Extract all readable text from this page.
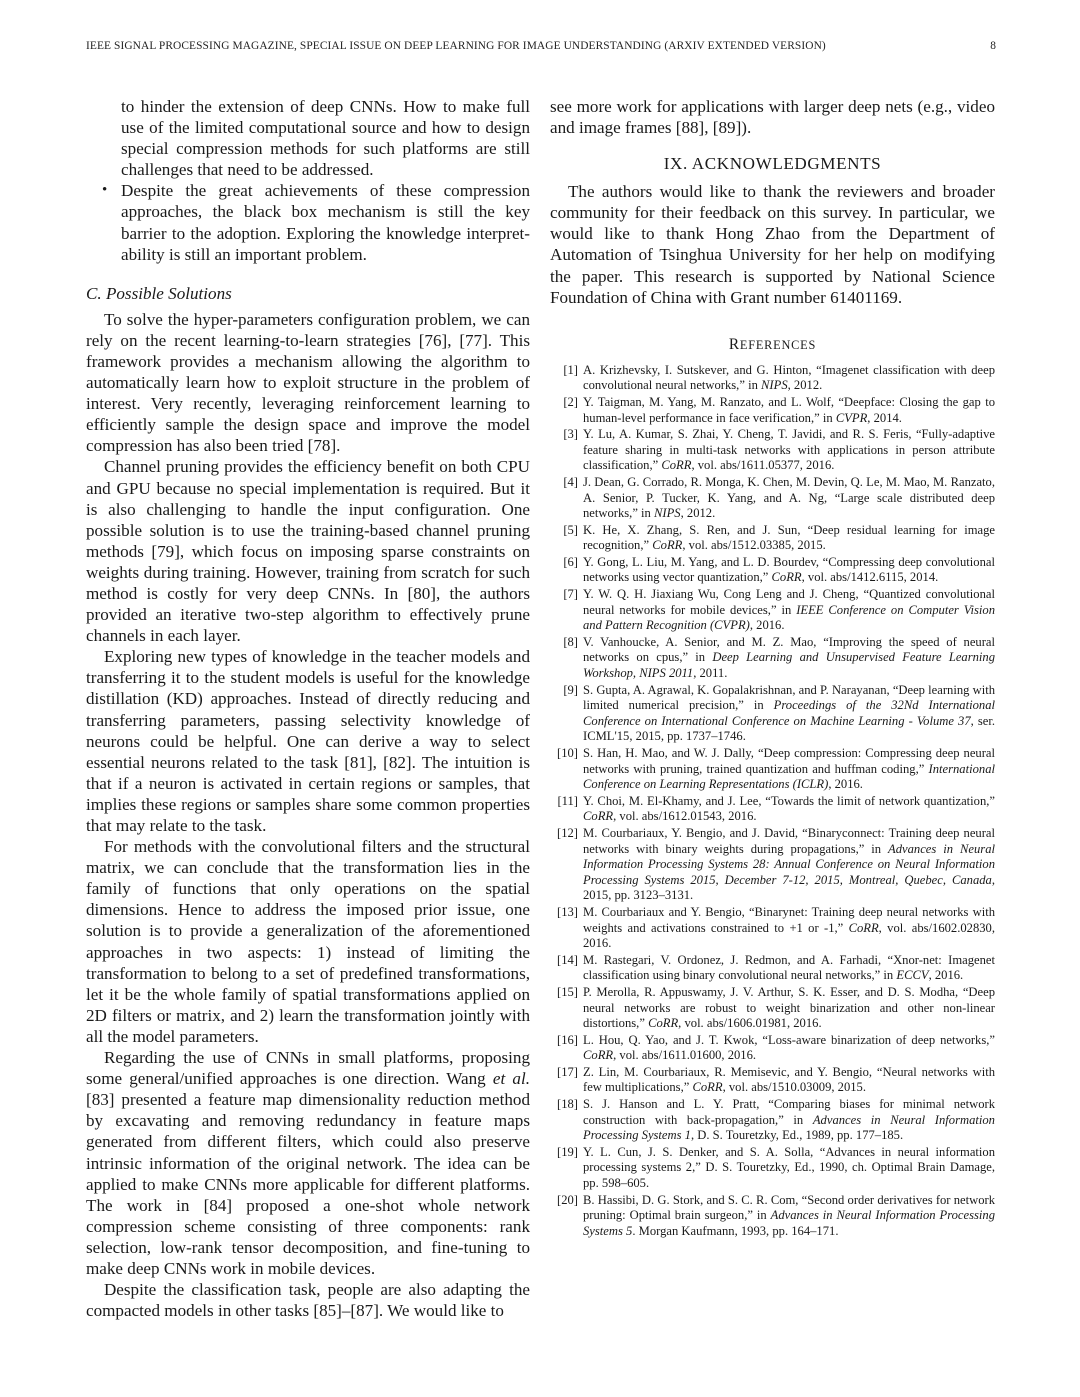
IEEE SIGNAL PROCESSING MAGAZINE, SPECIAL ISSUE ON DEEP LEARNING FOR IMAGE UNDERSTANDING (ARXIV EXTENDED VERSION)	8
to hinder the extension of deep CNNs. How to make full use of the limited computational source and how to design special compression methods for such platforms are still challenges that need to be addressed.
• Despite the great achievements of these compression approaches, the black box mechanism is still the key barrier to the adoption. Exploring the knowledge interpret-ability is still an important problem.
C. Possible Solutions

To solve the hyper-parameters configuration problem, we can rely on the recent learning-to-learn strategies [76], [77]. This framework provides a mechanism allowing the algorithm to automatically learn how to exploit structure in the problem of interest. Very recently, leveraging reinforcement learning to efficiently sample the design space and improve the model compression has also been tried [78].

Channel pruning provides the efficiency benefit on both CPU and GPU because no special implementation is required. But it is also challenging to handle the input configuration. One possible solution is to use the training-based channel pruning methods [79], which focus on imposing sparse constraints on weights during training. However, training from scratch for such method is costly for very deep CNNs. In [80], the authors provided an iterative two-step algorithm to effectively prune channels in each layer.

Exploring new types of knowledge in the teacher models and transferring it to the student models is useful for the knowledge distillation (KD) approaches. Instead of directly reducing and transferring parameters, passing selectivity knowledge of neurons could be helpful. One can derive a way to select essential neurons related to the task [81], [82]. The intuition is that if a neuron is activated in certain regions or samples, that implies these regions or samples share some common properties that may relate to the task.

For methods with the convolutional filters and the structural matrix, we can conclude that the transformation lies in the family of functions that only operations on the spatial dimensions. Hence to address the imposed prior issue, one solution is to provide a generalization of the aforementioned approaches in two aspects: 1) instead of limiting the transformation to belong to a set of predefined transformations, let it be the whole family of spatial transformations applied on 2D filters or matrix, and 2) learn the transformation jointly with all the model parameters.

Regarding the use of CNNs in small platforms, proposing some general/unified approaches is one direction. Wang et al. [83] presented a feature map dimensionality reduction method by excavating and removing redundancy in feature maps generated from different filters, which could also preserve intrinsic information of the original network. The idea can be applied to make CNNs more applicable for different platforms. The work in [84] proposed a one-shot whole network compression scheme consisting of three components: rank selection, low-rank tensor decomposition, and fine-tuning to make deep CNNs work in mobile devices.

Despite the classification task, people are also adapting the compacted models in other tasks [85]–[87]. We would like to

see more work for applications with larger deep nets (e.g., video and image frames [88], [89]).

IX. ACKNOWLEDGMENTS

The authors would like to thank the reviewers and broader community for their feedback on this survey. In particular, we would like to thank Hong Zhao from the Department of Automation of Tsinghua University for her help on modifying the paper. This research is supported by National Science Foundation of China with Grant number 61401169.

REFERENCES
[1] A. Krizhevsky, I. Sutskever, and G. Hinton, “Imagenet classification with deep convolutional neural networks,” in NIPS, 2012.
[2] Y. Taigman, M. Yang, M. Ranzato, and L. Wolf, “Deepface: Closing the gap to human-level performance in face verification,” in CVPR, 2014.
[3] Y. Lu, A. Kumar, S. Zhai, Y. Cheng, T. Javidi, and R. S. Feris, “Fully-adaptive feature sharing in multi-task networks with applications in person attribute classification,” CoRR, vol. abs/1611.05377, 2016.
[4] J. Dean, G. Corrado, R. Monga, K. Chen, M. Devin, Q. Le, M. Mao, M. Ranzato, A. Senior, P. Tucker, K. Yang, and A. Ng, “Large scale distributed deep networks,” in NIPS, 2012.
[5] K. He, X. Zhang, S. Ren, and J. Sun, “Deep residual learning for image recognition,” CoRR, vol. abs/1512.03385, 2015.
[6] Y. Gong, L. Liu, M. Yang, and L. D. Bourdev, “Compressing deep convolutional networks using vector quantization,” CoRR, vol. abs/1412.6115, 2014.
[7] Y. W. Q. H. Jiaxiang Wu, Cong Leng and J. Cheng, “Quantized convolutional neural networks for mobile devices,” in IEEE Conference on Computer Vision and Pattern Recognition (CVPR), 2016.
[8] V. Vanhoucke, A. Senior, and M. Z. Mao, “Improving the speed of neural networks on cpus,” in Deep Learning and Unsupervised Feature Learning Workshop, NIPS 2011, 2011.
[9] S. Gupta, A. Agrawal, K. Gopalakrishnan, and P. Narayanan, “Deep learning with limited numerical precision,” in Proceedings of the 32Nd International Conference on International Conference on Machine Learning - Volume 37, ser. ICML'15, 2015, pp. 1737–1746.
[10] S. Han, H. Mao, and W. J. Dally, “Deep compression: Compressing deep neural networks with pruning, trained quantization and huffman coding,” International Conference on Learning Representations (ICLR), 2016.
[11] Y. Choi, M. El-Khamy, and J. Lee, “Towards the limit of network quantization,” CoRR, vol. abs/1612.01543, 2016.
[12] M. Courbariaux, Y. Bengio, and J. David, “Binaryconnect: Training deep neural networks with binary weights during propagations,” in Advances in Neural Information Processing Systems 28: Annual Conference on Neural Information Processing Systems 2015, December 7-12, 2015, Montreal, Quebec, Canada, 2015, pp. 3123–3131.
[13] M. Courbariaux and Y. Bengio, “Binarynet: Training deep neural networks with weights and activations constrained to +1 or -1,” CoRR, vol. abs/1602.02830, 2016.
[14] M. Rastegari, V. Ordonez, J. Redmon, and A. Farhadi, “Xnor-net: Imagenet classification using binary convolutional neural networks,” in ECCV, 2016.
[15] P. Merolla, R. Appuswamy, J. V. Arthur, S. K. Esser, and D. S. Modha, “Deep neural networks are robust to weight binarization and other non-linear distortions,” CoRR, vol. abs/1606.01981, 2016.
[16] L. Hou, Q. Yao, and J. T. Kwok, “Loss-aware binarization of deep networks,” CoRR, vol. abs/1611.01600, 2016.
[17] Z. Lin, M. Courbariaux, R. Memisevic, and Y. Bengio, “Neural networks with few multiplications,” CoRR, vol. abs/1510.03009, 2015.
[18] S. J. Hanson and L. Y. Pratt, “Comparing biases for minimal network construction with back-propagation,” in Advances in Neural Information Processing Systems 1, D. S. Touretzky, Ed., 1989, pp. 177–185.
[19] Y. L. Cun, J. S. Denker, and S. A. Solla, “Advances in neural information processing systems 2,” D. S. Touretzky, Ed., 1990, ch. Optimal Brain Damage, pp. 598–605.
[20] B. Hassibi, D. G. Stork, and S. C. R. Com, “Second order derivatives for network pruning: Optimal brain surgeon,” in Advances in Neural Information Processing Systems 5. Morgan Kaufmann, 1993, pp. 164–171.
